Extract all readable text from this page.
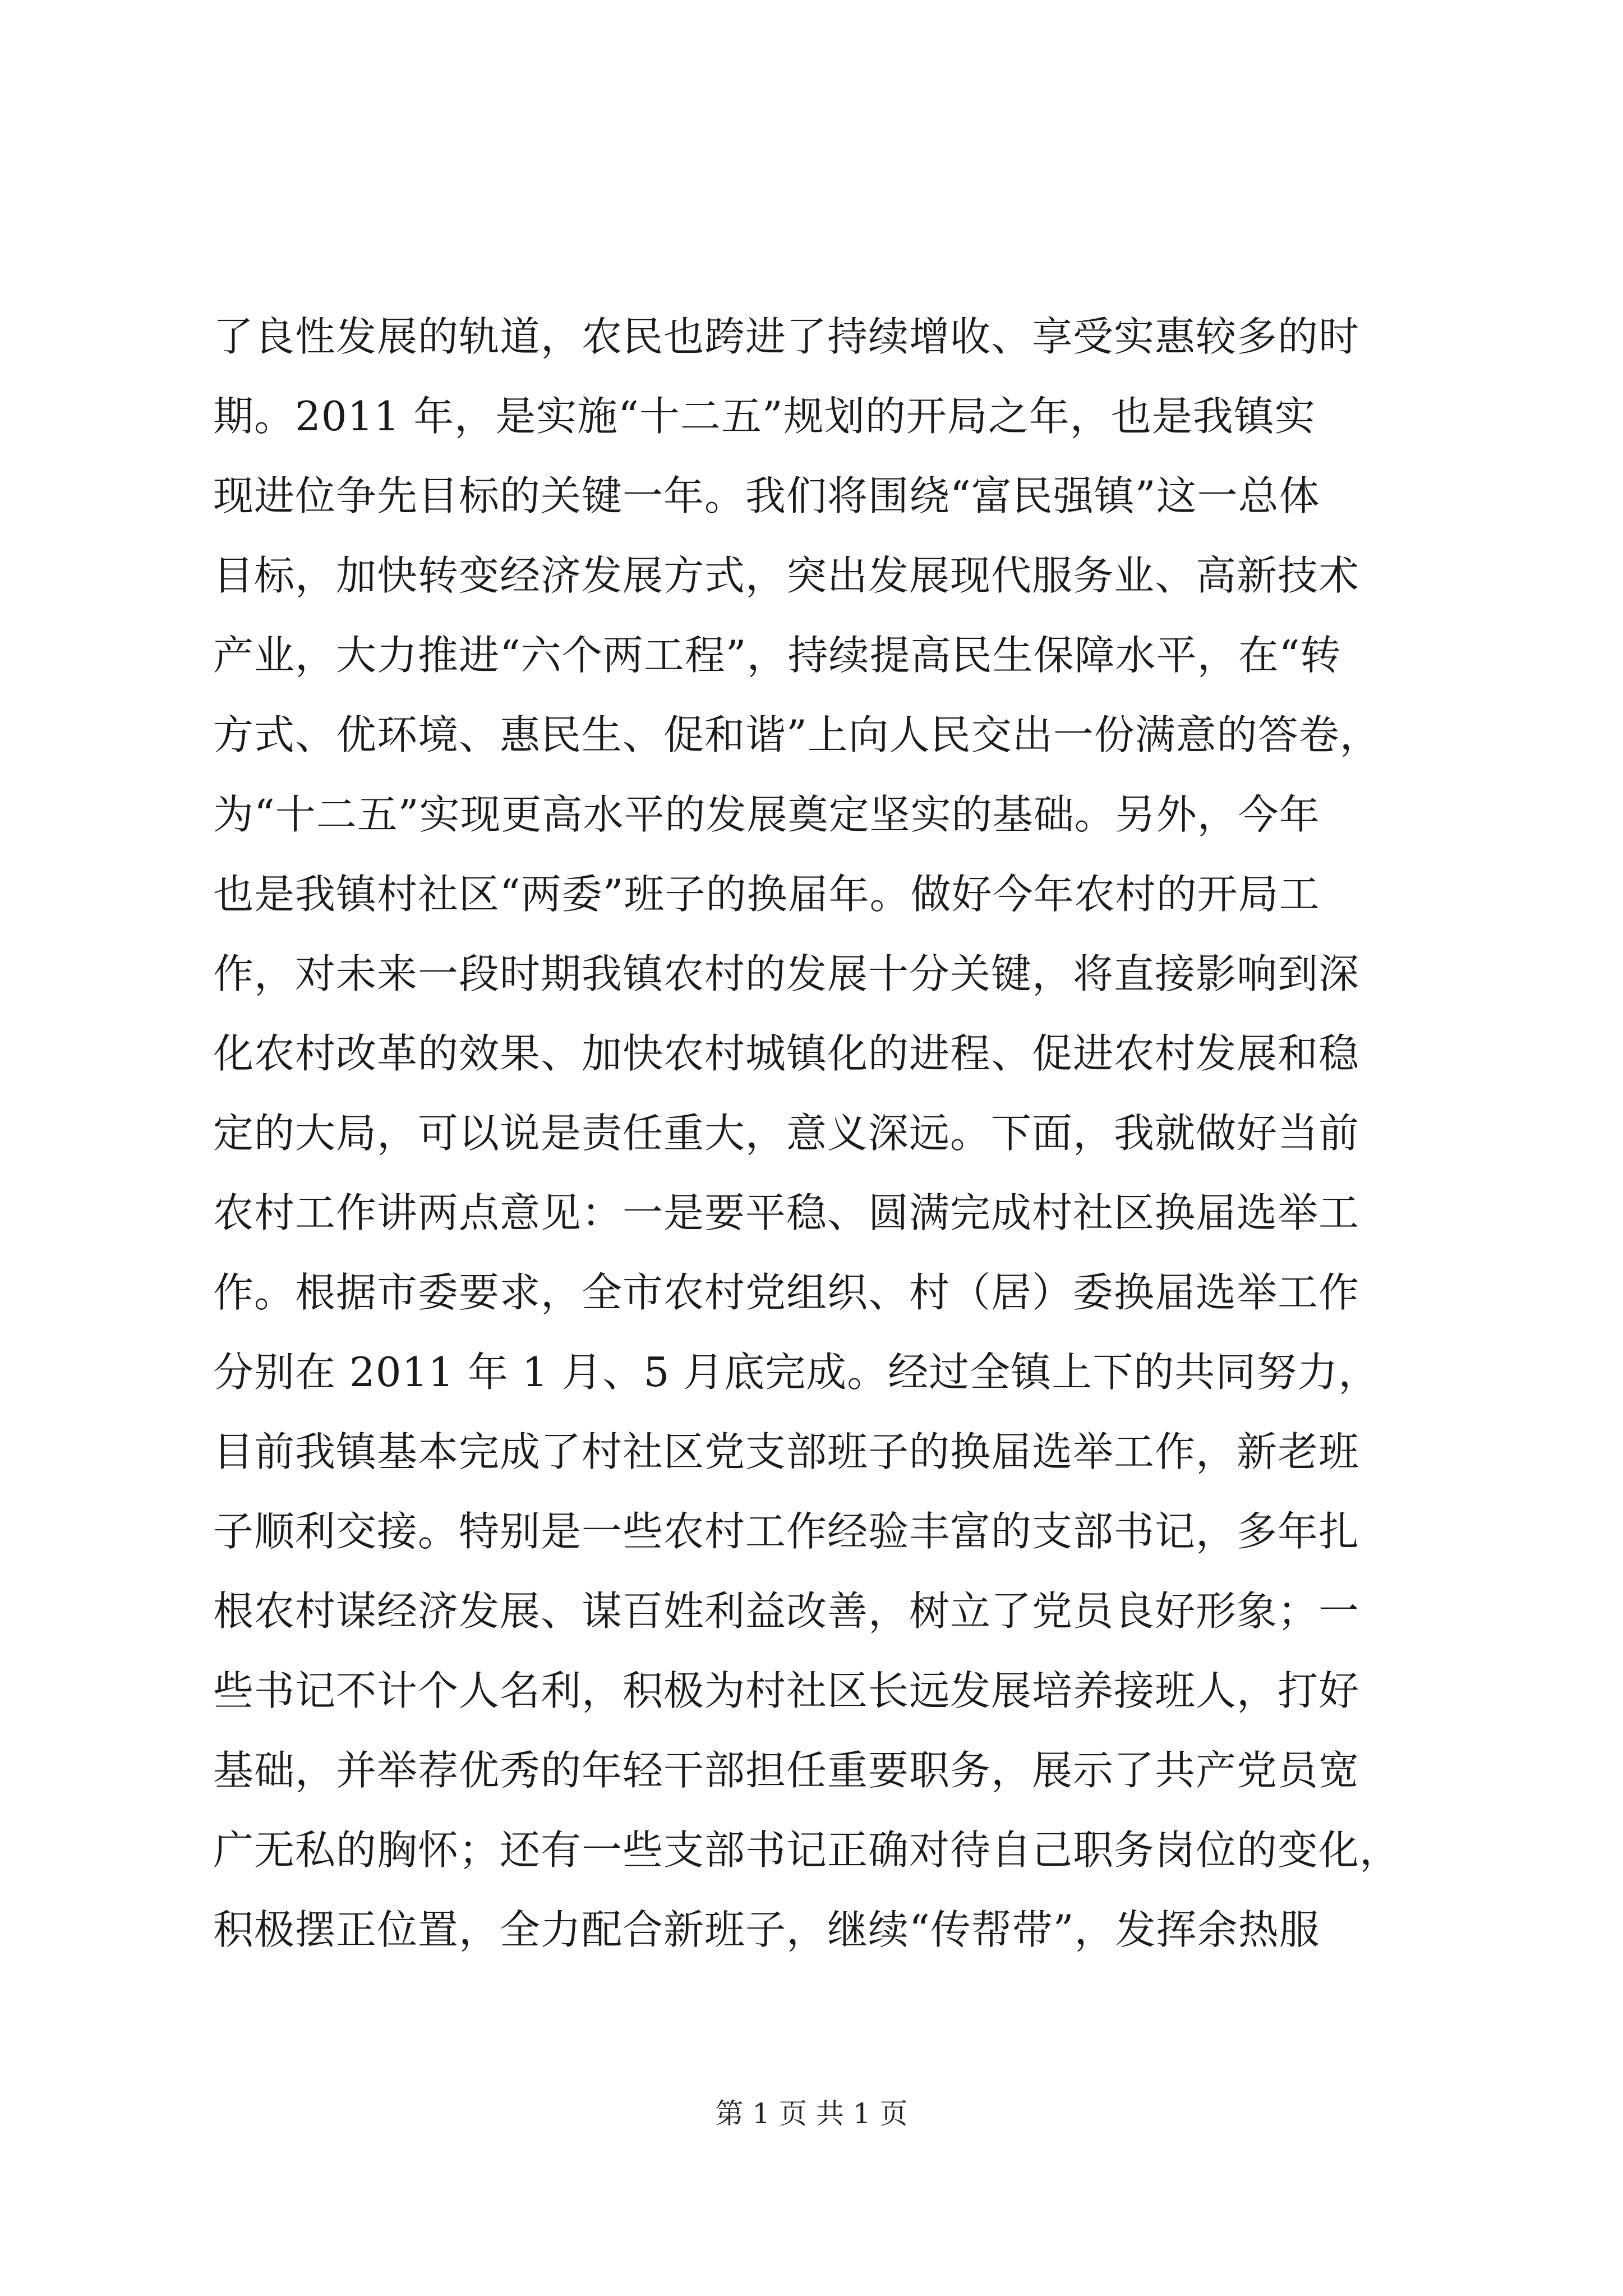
了良性发展的轨道，农民也跨进了持续增收、享受实惠较多的时
期。2011 年，是实施“十二五”规划的开局之年，也是我镇实
现进位争先目标的关键一年。我们将围绕“富民强镇”这一总体
目标，加快转变经济发展方式，突出发展现代服务业、高新技术
产业，大力推进“六个两工程”，持续提高民生保障水平，在“转
方式、优环境、惠民生、促和谐”上向人民交出一份满意的答卷，
为“十二五”实现更高水平的发展奠定坚实的基础。另外，今年
也是我镇村社区“两委”班子的换届年。做好今年农村的开局工
作，对未来一段时期我镇农村的发展十分关键，将直接影响到深
化农村改革的效果、加快农村城镇化的进程、促进农村发展和稳
定的大局，可以说是责任重大，意义深远。下面，我就做好当前
农村工作讲两点意见：一是要平稳、圆满完成村社区换届选举工
作。根据市委要求，全市农村党组织、村（居）委换届选举工作
分别在 2011 年 1 月、5 月底完成。经过全镇上下的共同努力，
目前我镇基本完成了村社区党支部班子的换届选举工作，新老班
子顺利交接。特别是一些农村工作经验丰富的支部书记，多年扎
根农村谋经济发展、谋百姓利益改善，树立了党员良好形象；一
些书记不计个人名利，积极为村社区长远发展培养接班人，打好
基础，并举荐优秀的年轻干部担任重要职务，展示了共产党员宽
广无私的胸怀；还有一些支部书记正确对待自己职务岗位的变化，
积极摆正位置，全力配合新班子，继续“传帮带”，发挥余热服
第 1 页 共 1 页
